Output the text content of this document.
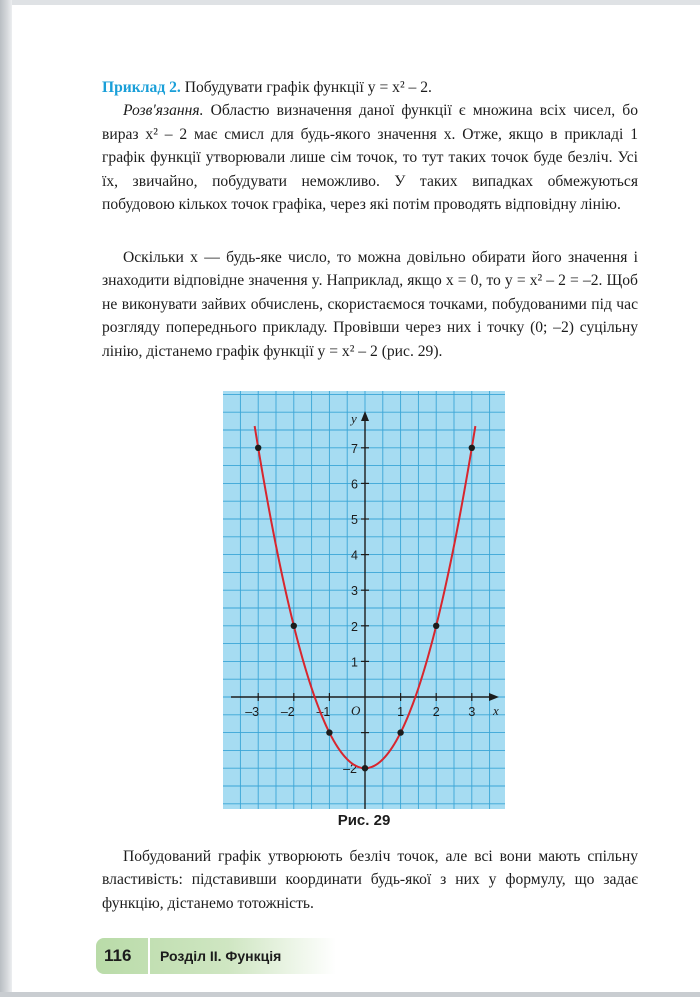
Приклад 2. Побудувати графік функції y = x² – 2.

Розв'язання. Областю визначення даної функції є множина всіх чисел, бо вираз x² – 2 має смисл для будь-якого значення x. Отже, якщо в прикладі 1 графік функції утворювали лише сім точок, то тут таких точок буде безліч. Усі їх, звичайно, побудувати неможливо. У таких випадках обмежуються побудовою кількох точок графіка, через які потім проводять відповідну лінію.

Оскільки x — будь-яке число, то можна довільно обирати його значення і знаходити відповідне значення y. Наприклад, якщо x = 0, то y = x² – 2 = –2. Щоб не виконувати зайвих обчислень, скористаємося точками, побудованими під час розгляду попереднього прикладу. Провівши через них і точку (0; –2) суцільну лінію, дістанемо графік функції y = x² – 2 (рис. 29).

–3 –2 –1	1 2 3
1
2
3
4
5
6
7
–2
x
y
O
Рис. 29

Побудований графік утворюють безліч точок, але всі вони мають спільну властивість: підставивши координати будь-якої з них у формулу, що задає функцію, дістанемо тотожність.

116	Розділ II. Функція
